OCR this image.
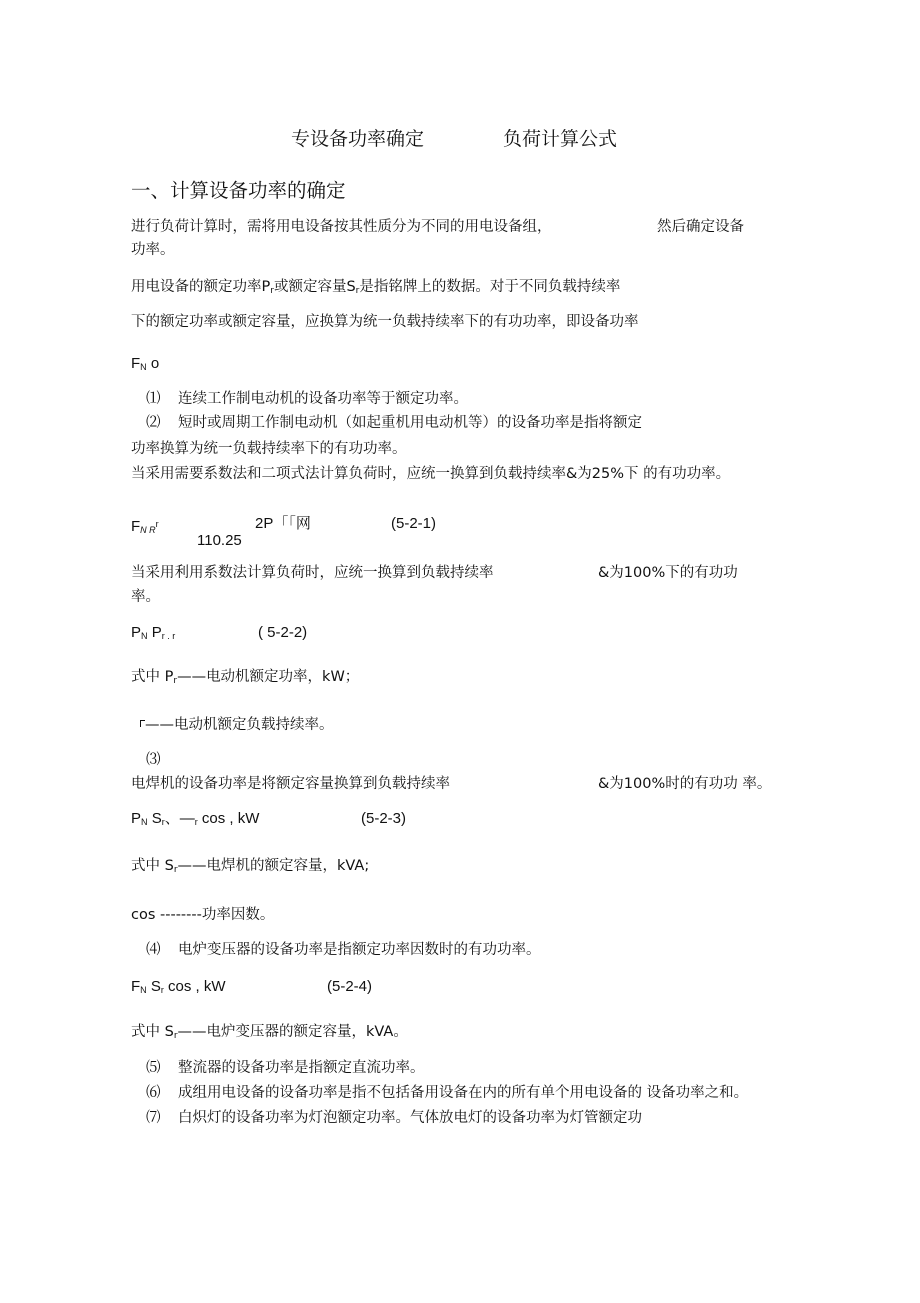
专设备功率确定	负荷计算公式
一、计算设备功率的确定
进行负荷计算时，需将用电设备按其性质分为不同的用电设备组，	然后确定设备
功率。
用电设备的额定功率Pr或额定容量Sr是指铭牌上的数据。对于不同负载持续率
下的额定功率或额定容量，应换算为统一负载持续率下的有功功率，即设备功率
FN o
⑴ 连续工作制电动机的设备功率等于额定功率。
⑵ 短时或周期工作制电动机（如起重机用电动机等）的设备功率是指将额定
功率换算为统一负载持续率下的有功功率。
当采用需要系数法和二项式法计算负荷时，应统一换算到负载持续率&为25%下 的有功功率。
FN $R^r$	2P「「网	(5-2-1)
110.25
当采用利用系数法计算负荷时，应统一换算到负载持续率	&为100%下的有功功
率。
PN Pr . r	( 5-2-2)
式中 Pr——电动机额定功率，kW；
——电动机额定负载持续率。
⑶
电焊机的设备功率是将额定容量换算到负载持续率	&为100%时的有功功 率。
PN Sr、—r cos , kW	(5-2-3)
式中 Sr——电焊机的额定容量，kVA;
cos --------功率因数。
⑷ 电炉变压器的设备功率是指额定功率因数时的有功功率。
FN Sr cos , kW	(5-2-4)
式中 Sr——电炉变压器的额定容量，kVA。
⑸ 整流器的设备功率是指额定直流功率。
⑹ 成组用电设备的设备功率是指不包括备用设备在内的所有单个用电设备的 设备功率之和。
⑺ 白炽灯的设备功率为灯泡额定功率。气体放电灯的设备功率为灯管额定功
